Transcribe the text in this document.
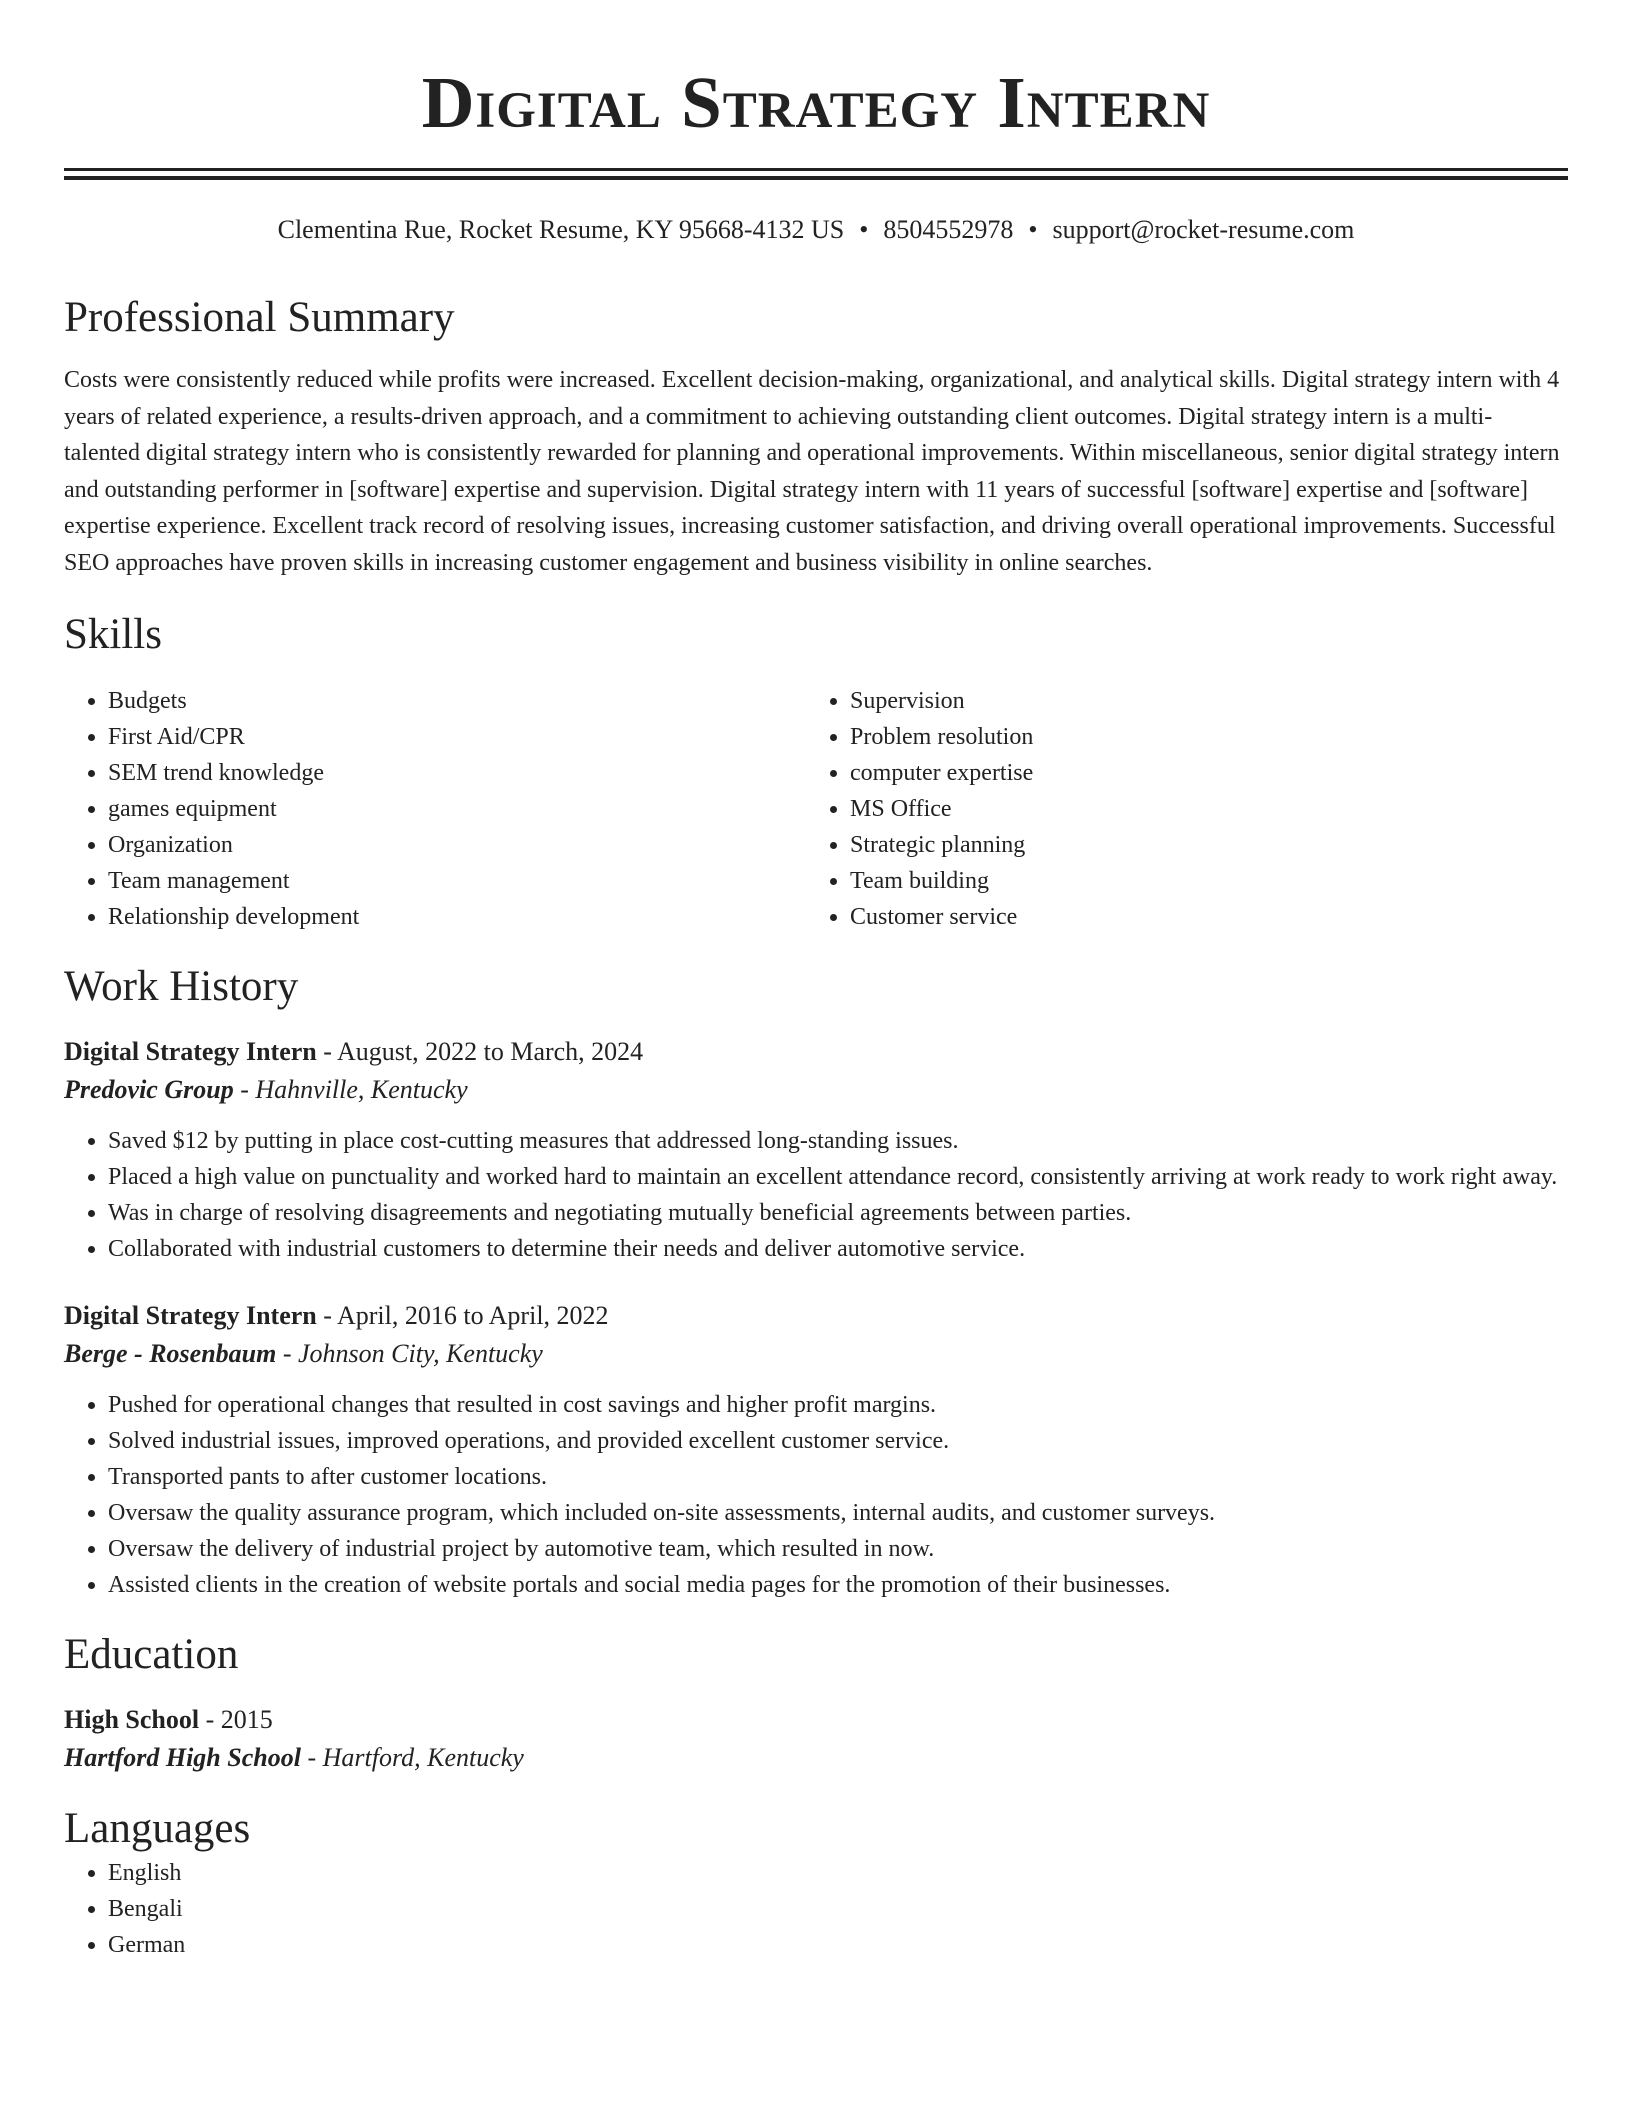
Digital Strategy Intern
Clementina Rue, Rocket Resume, KY 95668-4132 US • 8504552978 • support@rocket-resume.com
Professional Summary
Costs were consistently reduced while profits were increased. Excellent decision-making, organizational, and analytical skills. Digital strategy intern with 4 years of related experience, a results-driven approach, and a commitment to achieving outstanding client outcomes. Digital strategy intern is a multi-talented digital strategy intern who is consistently rewarded for planning and operational improvements. Within miscellaneous, senior digital strategy intern and outstanding performer in [software] expertise and supervision. Digital strategy intern with 11 years of successful [software] expertise and [software] expertise experience. Excellent track record of resolving issues, increasing customer satisfaction, and driving overall operational improvements. Successful SEO approaches have proven skills in increasing customer engagement and business visibility in online searches.
Skills
• Budgets
• First Aid/CPR
• SEM trend knowledge
• games equipment
• Organization
• Team management
• Relationship development
• Supervision
• Problem resolution
• computer expertise
• MS Office
• Strategic planning
• Team building
• Customer service
Work History
Digital Strategy Intern - August, 2022 to March, 2024
Predovic Group - Hahnville, Kentucky
• Saved $12 by putting in place cost-cutting measures that addressed long-standing issues.
• Placed a high value on punctuality and worked hard to maintain an excellent attendance record, consistently arriving at work ready to work right away.
• Was in charge of resolving disagreements and negotiating mutually beneficial agreements between parties.
• Collaborated with industrial customers to determine their needs and deliver automotive service.
Digital Strategy Intern - April, 2016 to April, 2022
Berge - Rosenbaum - Johnson City, Kentucky
• Pushed for operational changes that resulted in cost savings and higher profit margins.
• Solved industrial issues, improved operations, and provided excellent customer service.
• Transported pants to after customer locations.
• Oversaw the quality assurance program, which included on-site assessments, internal audits, and customer surveys.
• Oversaw the delivery of industrial project by automotive team, which resulted in now.
• Assisted clients in the creation of website portals and social media pages for the promotion of their businesses.
Education
High School - 2015
Hartford High School - Hartford, Kentucky
Languages
• English
• Bengali
• German
